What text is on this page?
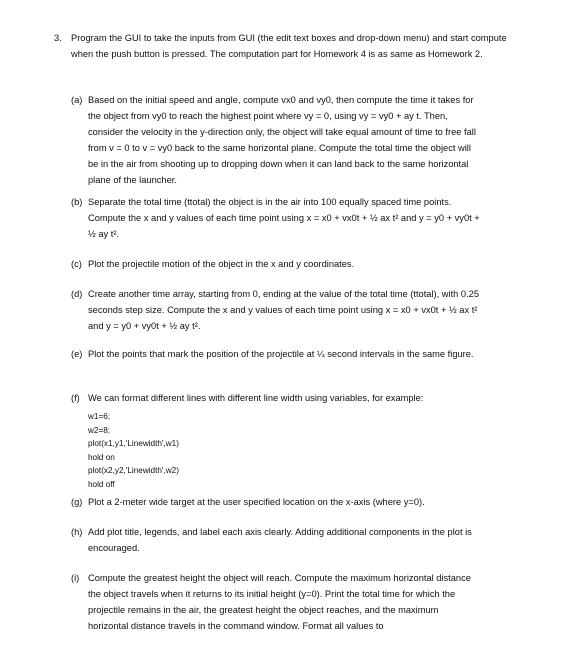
3. Program the GUI to take the inputs from GUI (the edit text boxes and drop-down menu) and start compute when the push button is pressed. The computation part for Homework 4 is as same as Homework 2.
(a) Based on the initial speed and angle, compute vx0 and vy0, then compute the time it takes for the object from vy0 to reach the highest point where vy = 0, using vy = vy0 + ay t. Then, consider the velocity in the y-direction only, the object will take equal amount of time to free fall from v = 0 to v = vy0 back to the same horizontal plane. Compute the total time the object will be in the air from shooting up to dropping down when it can land back to the same horizontal plane of the launcher.
(b) Separate the total time (ttotal) the object is in the air into 100 equally spaced time points. Compute the x and y values of each time point using x = x0 + vx0t + ½ ax t² and y = y0 + vy0t + ½ ay t².
(c) Plot the projectile motion of the object in the x and y coordinates.
(d) Create another time array, starting from 0, ending at the value of the total time (ttotal), with 0.25 seconds step size. Compute the x and y values of each time point using x = x0 + vx0t + ½ ax t² and y = y0 + vy0t + ½ ay t².
(e) Plot the points that mark the position of the projectile at ¼ second intervals in the same figure.
(f) We can format different lines with different line width using variables, for example:
w1=6;
w2=8;
plot(x1,y1,'Linewidth',w1)
hold on
plot(x2,y2,'Linewidth',w2)
hold off
(g) Plot a 2-meter wide target at the user specified location on the x-axis (where y=0).
(h) Add plot title, legends, and label each axis clearly. Adding additional components in the plot is encouraged.
(i) Compute the greatest height the object will reach. Compute the maximum horizontal distance the object travels when it returns to its initial height (y=0). Print the total time for which the projectile remains in the air, the greatest height the object reaches, and the maximum horizontal distance travels in the command window. Format all values to
